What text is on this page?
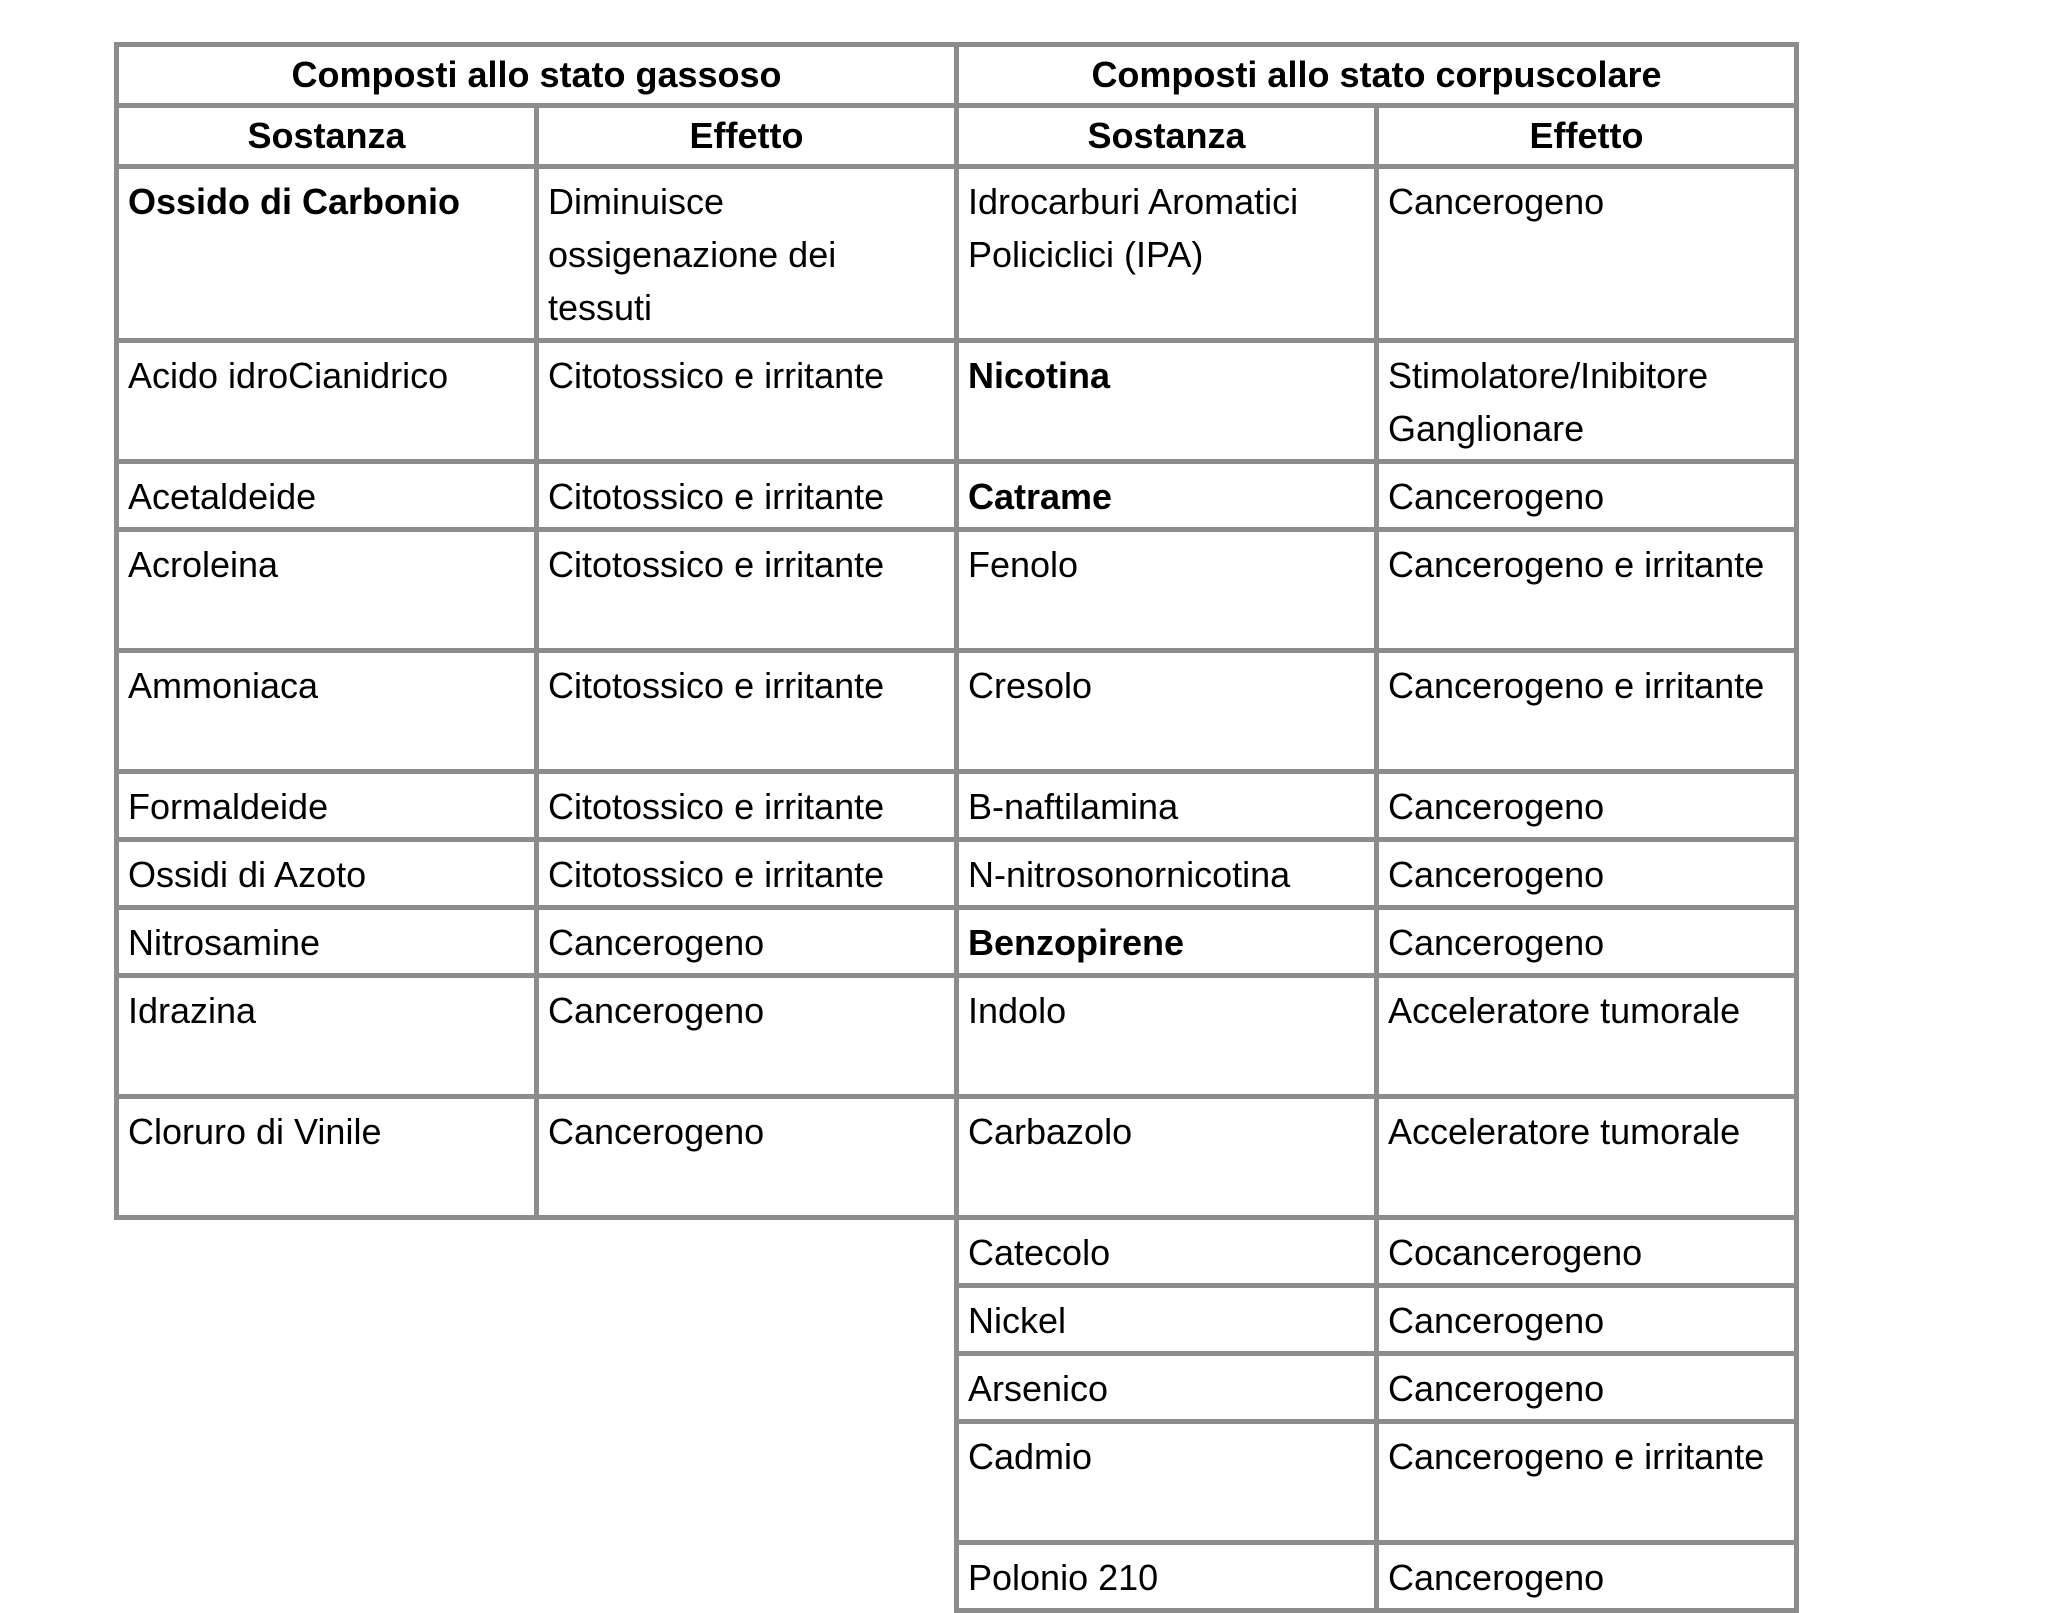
Composti allo stato gassoso		Composti allo stato corpuscolare	
Sostanza	Effetto	Sostanza	Effetto
Ossido di Carbonio	Diminuisce ossigenazione dei tessuti	Idrocarburi Aromatici Policiclici (IPA)	Cancerogeno
Acido idroCianidrico	Citotossico e irritante	Nicotina	Stimolatore/Inibitore Ganglionare
Acetaldeide	Citotossico e irritante	Catrame	Cancerogeno
Acroleina	Citotossico e irritante	Fenolo	Cancerogeno e irritante
Ammoniaca	Citotossico e irritante	Cresolo	Cancerogeno e irritante
Formaldeide	Citotossico e irritante	B-naftilamina	Cancerogeno
Ossidi di Azoto	Citotossico e irritante	N-nitrosonornicotina	Cancerogeno
Nitrosamine	Cancerogeno	Benzopirene	Cancerogeno
Idrazina	Cancerogeno	Indolo	Acceleratore tumorale
Cloruro di Vinile	Cancerogeno	Carbazolo	Acceleratore tumorale
		Catecolo	Cocancerogeno
		Nickel	Cancerogeno
		Arsenico	Cancerogeno
		Cadmio	Cancerogeno e irritante
		Polonio 210	Cancerogeno
